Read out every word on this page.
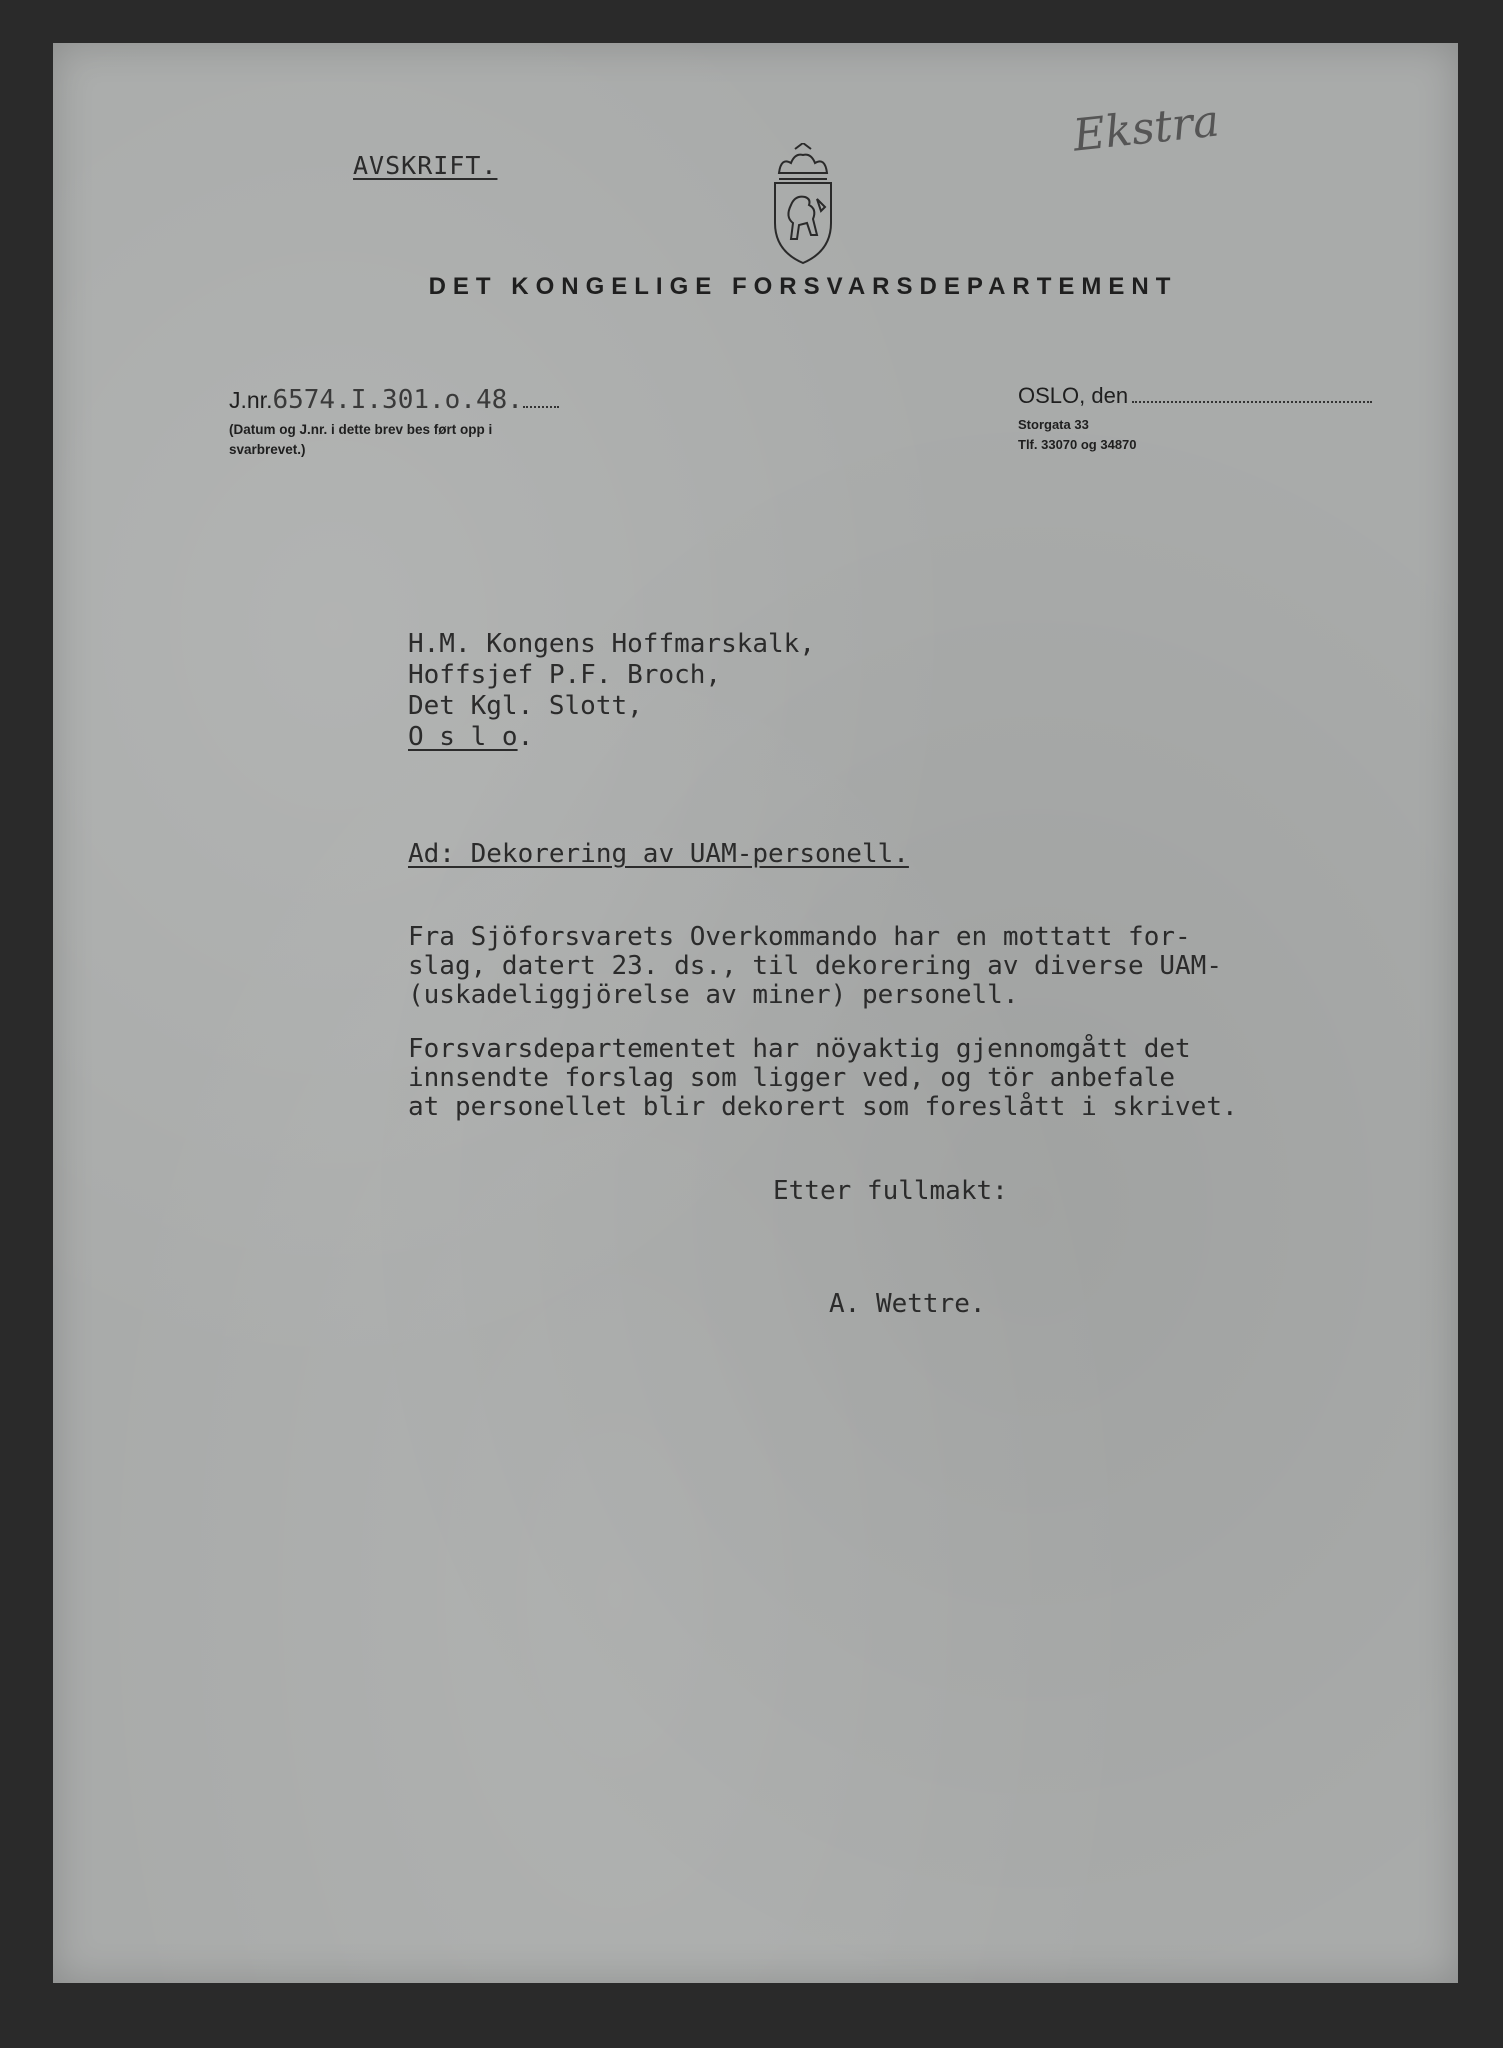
AVSKRIFT.
Ekstra
DET KONGELIGE FORSVARSDEPARTEMENT
J.nr.6574.I.301.o.48.
(Datum og J.nr. i dette brev bes ført opp i svarbrevet.)
OSLO, den
Storgata 33
Tlf. 33070 og 34870
H.M. Kongens Hoffmarskalk,
Hoffsjef P.F. Broch,
Det Kgl. Slott,
O s l o.
Ad: Dekorering av UAM-personell.
Fra Sjöforsvarets Overkommando har en mottatt for-
slag, datert 23. ds., til dekorering av diverse UAM-
(uskadeliggjörelse av miner) personell.
Forsvarsdepartementet har nöyaktig gjennomgått det
innsendte forslag som ligger ved, og tör anbefale
at personellet blir dekorert som foreslått i skrivet.
Etter fullmakt:
A. Wettre.
